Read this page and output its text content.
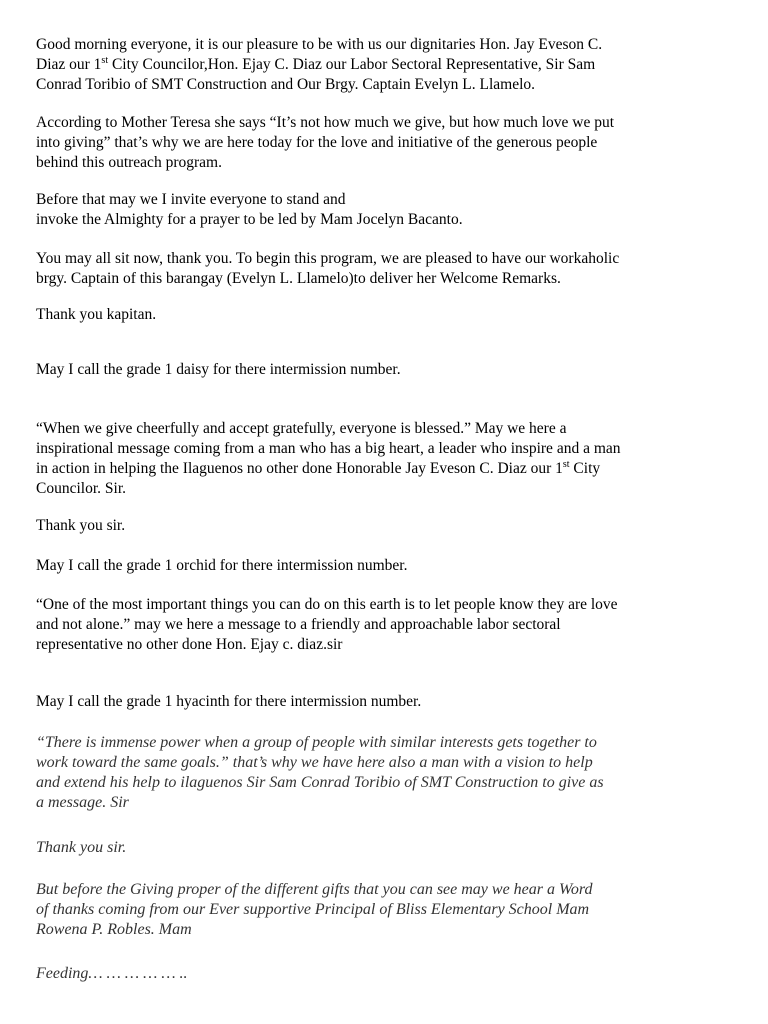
Good morning everyone, it is our pleasure to be with us our dignitaries Hon. Jay Eveson C.
Diaz our 1st City Councilor,Hon. Ejay C. Diaz our Labor Sectoral Representative, Sir Sam
Conrad Toribio of SMT Construction and Our Brgy. Captain Evelyn L. Llamelo.

According to Mother Teresa she says “It’s not how much we give, but how much love we put
into giving” that’s why we are here today for the love and initiative of the generous people
behind this outreach program.

Before that may we I invite everyone to stand and
invoke the Almighty for a prayer to be led by Mam Jocelyn Bacanto.

You may all sit now, thank you. To begin this program, we are pleased to have our workaholic
brgy. Captain of this barangay (Evelyn L. Llamelo)to deliver her Welcome Remarks.

Thank you kapitan.

May I call the grade 1 daisy for there intermission number.

“When we give cheerfully and accept gratefully, everyone is blessed.” May we here a
inspirational message coming from a man who has a big heart, a leader who inspire and a man
in action in helping the Ilaguenos no other done Honorable Jay Eveson C. Diaz our 1st City
Councilor. Sir.

Thank you sir.

May I call the grade 1 orchid for there intermission number.

“One of the most important things you can do on this earth is to let people know they are love
and not alone.” may we here a message to a friendly and approachable labor sectoral
representative no other done Hon. Ejay c. diaz.sir

May I call the grade 1 hyacinth for there intermission number.

“There is immense power when a group of people with similar interests gets together to
work toward the same goals.” that’s why we have here also a man with a vision to help
and extend his help to ilaguenos Sir Sam Conrad Toribio of SMT Construction to give as
a message. Sir

Thank you sir.

But before the Giving proper of the different gifts that you can see may we hear a Word
of thanks coming from our Ever supportive Principal of Bliss Elementary School Mam
Rowena P. Robles. Mam

Feeding… … … … … ..
